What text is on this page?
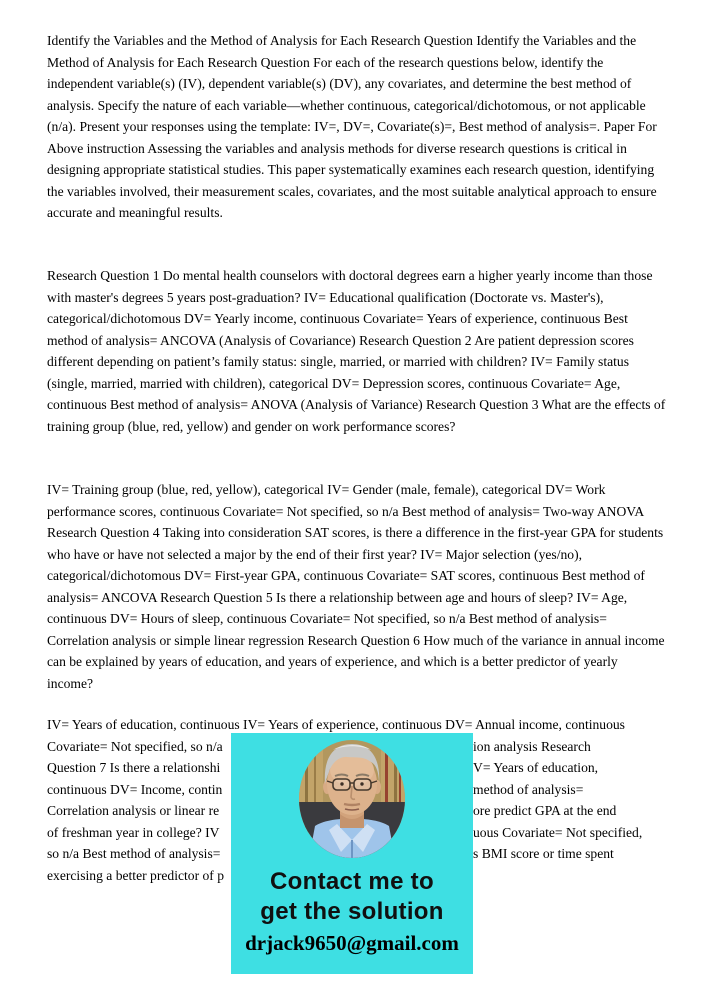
Identify the Variables and the Method of Analysis for Each Research Question Identify the Variables and the Method of Analysis for Each Research Question For each of the research questions below, identify the independent variable(s) (IV), dependent variable(s) (DV), any covariates, and determine the best method of analysis. Specify the nature of each variable—whether continuous, categorical/dichotomous, or not applicable (n/a). Present your responses using the template: IV=, DV=, Covariate(s)=, Best method of analysis=. Paper For Above instruction Assessing the variables and analysis methods for diverse research questions is critical in designing appropriate statistical studies. This paper systematically examines each research question, identifying the variables involved, their measurement scales, covariates, and the most suitable analytical approach to ensure accurate and meaningful results.

Research Question 1 Do mental health counselors with doctoral degrees earn a higher yearly income than those with master's degrees 5 years post-graduation? IV= Educational qualification (Doctorate vs. Master's), categorical/dichotomous DV= Yearly income, continuous Covariate= Years of experience, continuous Best method of analysis= ANCOVA (Analysis of Covariance) Research Question 2 Are patient depression scores different depending on patient’s family status: single, married, or married with children? IV= Family status (single, married, married with children), categorical DV= Depression scores, continuous Covariate= Age, continuous Best method of analysis= ANOVA (Analysis of Variance) Research Question 3 What are the effects of training group (blue, red, yellow) and gender on work performance scores?

IV= Training group (blue, red, yellow), categorical IV= Gender (male, female), categorical DV= Work performance scores, continuous Covariate= Not specified, so n/a Best method of analysis= Two-way ANOVA Research Question 4 Taking into consideration SAT scores, is there a difference in the first-year GPA for students who have or have not selected a major by the end of their first year? IV= Major selection (yes/no), categorical/dichotomous DV= First-year GPA, continuous Covariate= SAT scores, continuous Best method of analysis= ANCOVA Research Question 5 Is there a relationship between age and hours of sleep? IV= Age, continuous DV= Hours of sleep, continuous Covariate= Not specified, so n/a Best method of analysis= Correlation analysis or simple linear regression Research Question 6 How much of the variance in annual income can be explained by years of education, and years of experience, and which is a better predictor of yearly income?

IV= Years of education, continuous IV= Years of experience, continuous DV= Annual income, continuous
Covariate= Not specified, so n/a	ion analysis Research
Question 7 Is there a relationshi	V= Years of education,
continuous DV= Income, contin	method of analysis=
Correlation analysis or linear re	ore predict GPA at the end
of freshman year in college? IV	uous Covariate= Not specified,
so n/a Best method of analysis=	s BMI score or time spent
exercising a better predictor of p	Contact me to
get the solution
drjack9650@gmail.com
